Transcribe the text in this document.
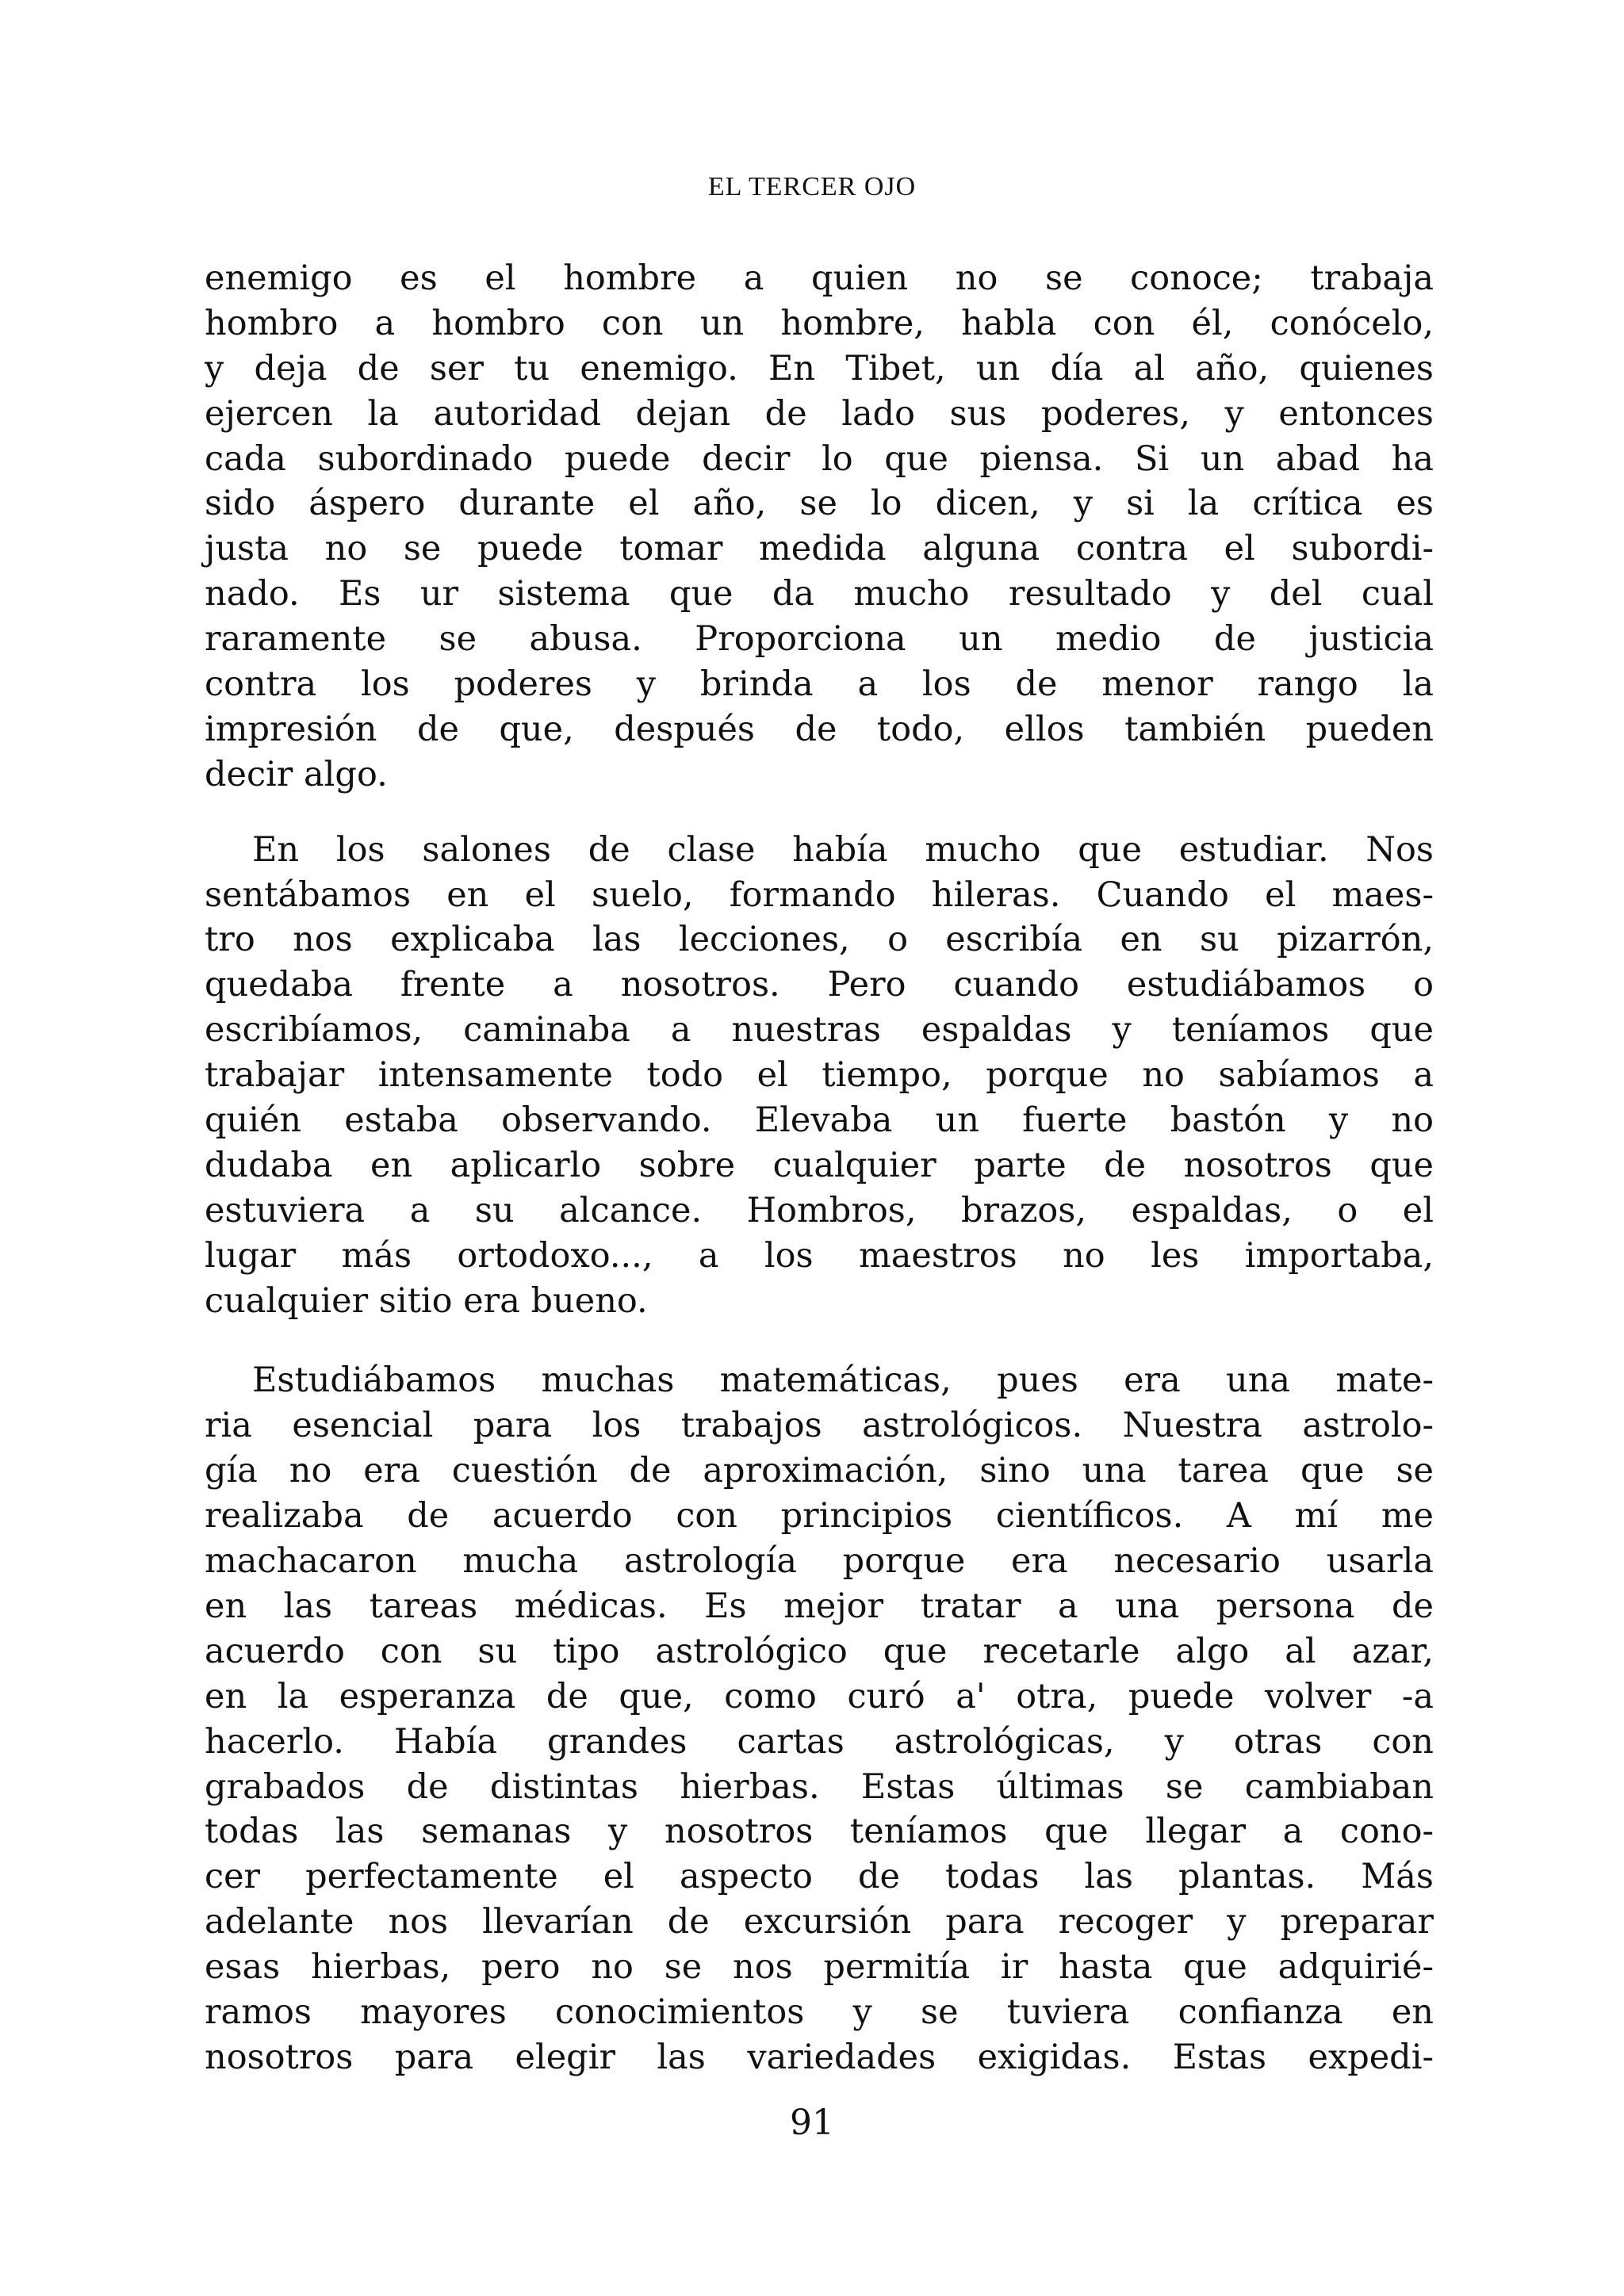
EL TERCER OJO
enemigo es el hombre a quien no se conoce; trabaja
hombro a hombro con un hombre, habla con él, conócelo,
y deja de ser tu enemigo. En Tibet, un día al año, quienes
ejercen la autoridad dejan de lado sus poderes, y entonces
cada subordinado puede decir lo que piensa. Si un abad ha
sido áspero durante el año, se lo dicen, y si la crítica es
justa no se puede tomar medida alguna contra el subordi-
nado. Es ur sistema que da mucho resultado y del cual
raramente se abusa. Proporciona un medio de justicia
contra los poderes y brinda a los de menor rango la
impresión de que, después de todo, ellos también pueden
decir algo.
En los salones de clase había mucho que estudiar. Nos
sentábamos en el suelo, formando hileras. Cuando el maes-
tro nos explicaba las lecciones, o escribía en su pizarrón,
quedaba frente a nosotros. Pero cuando estudiábamos o
escribíamos, caminaba a nuestras espaldas y teníamos que
trabajar intensamente todo el tiempo, porque no sabíamos a
quién estaba observando. Elevaba un fuerte bastón y no
dudaba en aplicarlo sobre cualquier parte de nosotros que
estuviera a su alcance. Hombros, brazos, espaldas, o el
lugar más ortodoxo..., a los maestros no les importaba,
cualquier sitio era bueno.
Estudiábamos muchas matemáticas, pues era una mate-
ria esencial para los trabajos astrológicos. Nuestra astrolo-
gía no era cuestión de aproximación, sino una tarea que se
realizaba de acuerdo con principios científicos. A mí me
machacaron mucha astrología porque era necesario usarla
en las tareas médicas. Es mejor tratar a una persona de
acuerdo con su tipo astrológico que recetarle algo al azar,
en la esperanza de que, como curó a' otra, puede volver -a
hacerlo. Había grandes cartas astrológicas, y otras con
grabados de distintas hierbas. Estas últimas se cambiaban
todas las semanas y nosotros teníamos que llegar a cono-
cer perfectamente el aspecto de todas las plantas. Más
adelante nos llevarían de excursión para recoger y preparar
esas hierbas, pero no se nos permitía ir hasta que adquirié-
ramos mayores conocimientos y se tuviera confianza en
nosotros para elegir las variedades exigidas. Estas expedi-
91
